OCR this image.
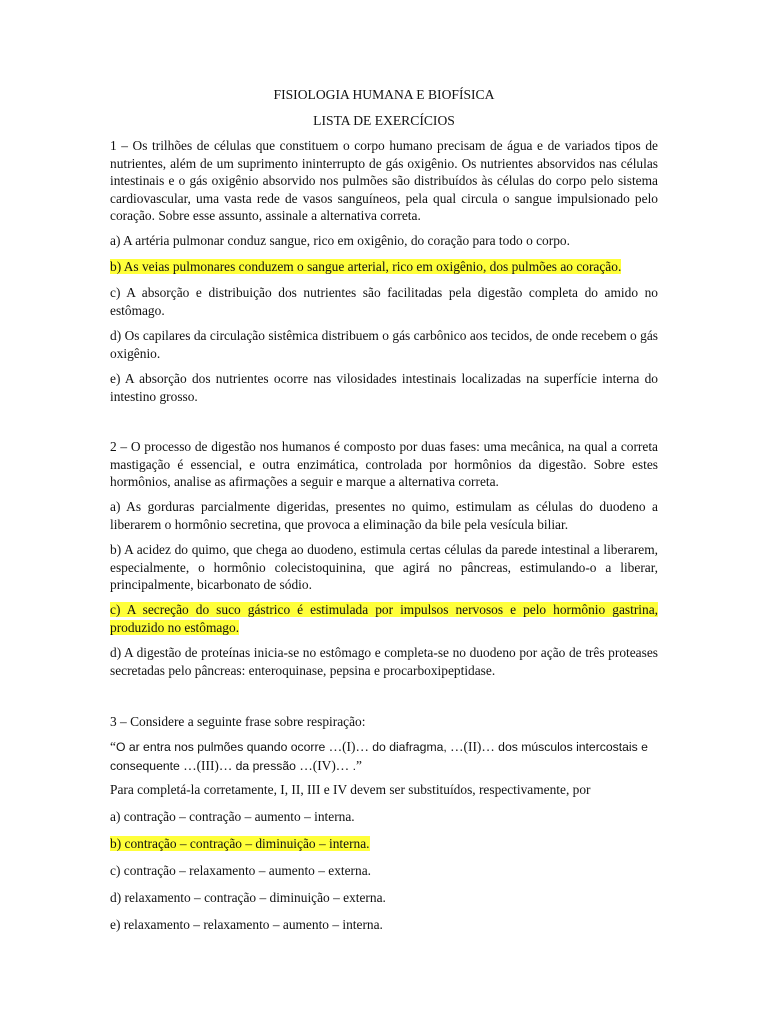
FISIOLOGIA HUMANA E BIOFÍSICA
LISTA DE EXERCÍCIOS

1 – Os trilhões de células que constituem o corpo humano precisam de água e de variados tipos de nutrientes, além de um suprimento ininterrupto de gás oxigênio. Os nutrientes absorvidos nas células intestinais e o gás oxigênio absorvido nos pulmões são distribuídos às células do corpo pelo sistema cardiovascular, uma vasta rede de vasos sanguíneos, pela qual circula o sangue impulsionado pelo coração. Sobre esse assunto, assinale a alternativa correta.

a) A artéria pulmonar conduz sangue, rico em oxigênio, do coração para todo o corpo.

b) As veias pulmonares conduzem o sangue arterial, rico em oxigênio, dos pulmões ao coração.

c) A absorção e distribuição dos nutrientes são facilitadas pela digestão completa do amido no estômago.

d) Os capilares da circulação sistêmica distribuem o gás carbônico aos tecidos, de onde recebem o gás oxigênio.

e) A absorção dos nutrientes ocorre nas vilosidades intestinais localizadas na superfície interna do intestino grosso.

2 – O processo de digestão nos humanos é composto por duas fases: uma mecânica, na qual a correta mastigação é essencial, e outra enzimática, controlada por hormônios da digestão. Sobre estes hormônios, analise as afirmações a seguir e marque a alternativa correta.

a) As gorduras parcialmente digeridas, presentes no quimo, estimulam as células do duodeno a liberarem o hormônio secretina, que provoca a eliminação da bile pela vesícula biliar.

b) A acidez do quimo, que chega ao duodeno, estimula certas células da parede intestinal a liberarem, especialmente, o hormônio colecistoquinina, que agirá no pâncreas, estimulando-o a liberar, principalmente, bicarbonato de sódio.

c) A secreção do suco gástrico é estimulada por impulsos nervosos e pelo hormônio gastrina, produzido no estômago.

d) A digestão de proteínas inicia-se no estômago e completa-se no duodeno por ação de três proteases secretadas pelo pâncreas: enteroquinase, pepsina e procarboxipeptidase.

3 – Considere a seguinte frase sobre respiração:

“O ar entra nos pulmões quando ocorre …(I)… do diafragma, …(II)… dos músculos intercostais e consequente …(III)… da pressão …(IV)… .”

Para completá-la corretamente, I, II, III e IV devem ser substituídos, respectivamente, por

a) contração – contração – aumento – interna.

b) contração – contração – diminuição – interna.

c) contração – relaxamento – aumento – externa.

d) relaxamento – contração – diminuição – externa.

e) relaxamento – relaxamento – aumento – interna.
